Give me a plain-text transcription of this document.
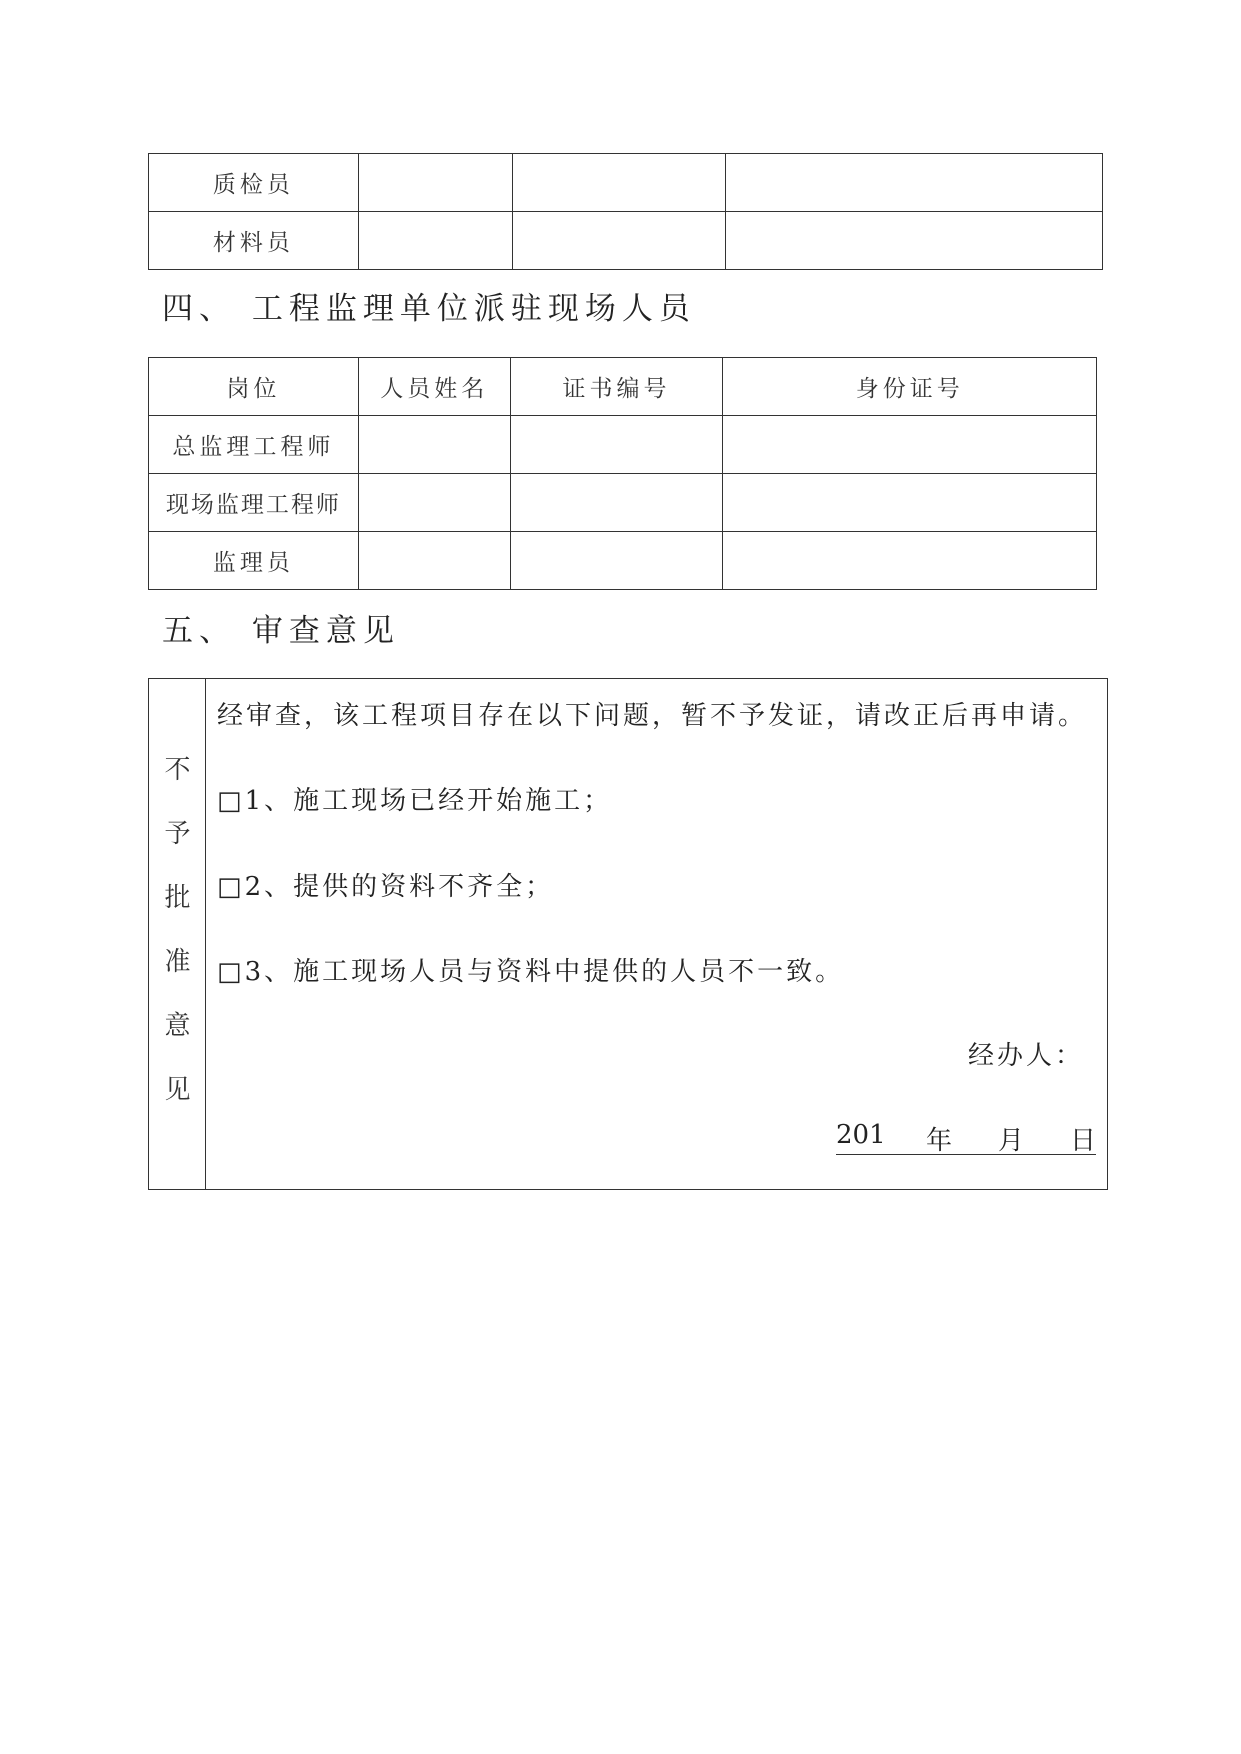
质检员			
材料员			
四、 工程监理单位派驻现场人员
岗位	人员姓名	证书编号	身份证号
总监理工程师			
现场监理工程师			
监理员			
五、 审查意见
不
予
批
准
意
见
经审查，该工程项目存在以下问题，暂不予发证，请改正后再申请。
□1、施工现场已经开始施工；
□2、提供的资料不齐全；
□3、施工现场人员与资料中提供的人员不一致。
经办人：
201 年 月 日
